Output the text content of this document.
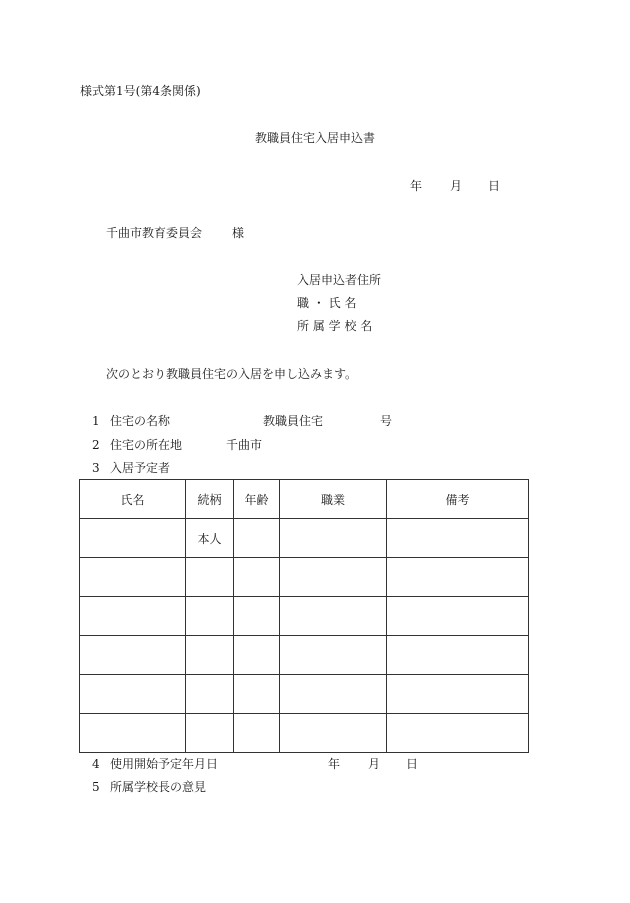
様式第1号(第4条関係)
教職員住宅入居申込書
年 月 日
千曲市教育委員会	様
入居申込者住所
職 ・ 氏 名
所 属 学 校 名
次のとおり教職員住宅の入居を申し込みます。
1 住宅の名称	教職員住宅	号
2 住宅の所在地	千曲市
3 入居予定者
氏名	続柄	年齢	職業	備考
	本人			

4 使用開始予定年月日	年 月 日
5 所属学校長の意見
